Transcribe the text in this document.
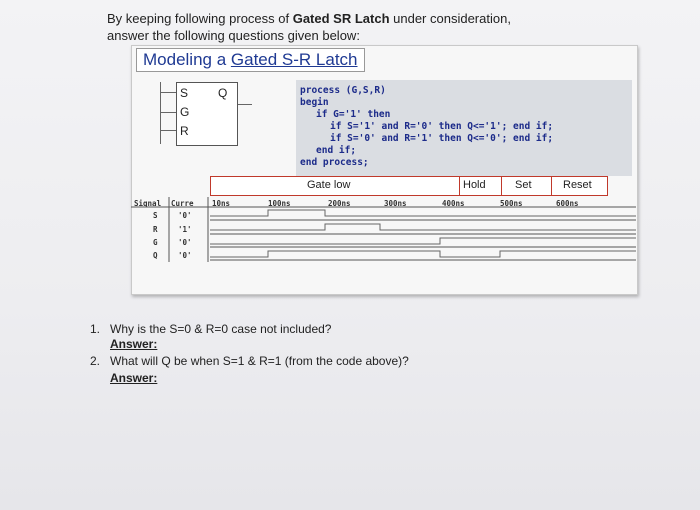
By keeping following process of Gated SR Latch under consideration,
answer the following questions given below:
Modeling a Gated S-R Latch
S
G
R
Q	process (G,S,R)
begin
if G='1' then
if S='1' and R='0' then Q<='1'; end if;
if S='0' and R='1' then Q<='0'; end if;
end if;
end process;
Gate low	Hold	Set	Reset
Signal Curre 10ns	100ns	200ns	300ns	400ns	500ns	600ns
S	'0'
R	'1'
G	'0'
Q	'0'
1. Why is the S=0 & R=0 case not included?
Answer:
2. What will Q be when S=1 & R=1 (from the code above)?
Answer:
